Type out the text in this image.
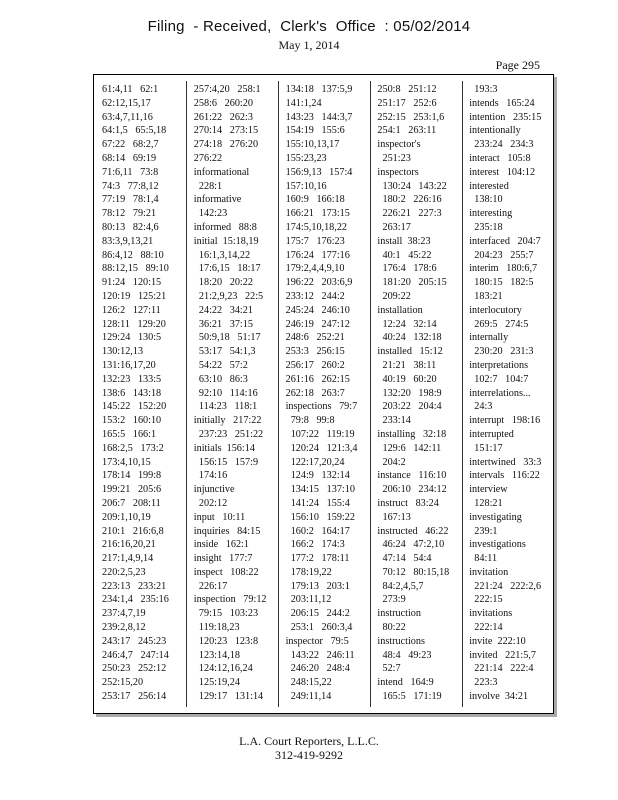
Filing  - Received,  Clerk's  Office  : 05/02/2014
May 1, 2014
Page 295
61:4,11   62:1
62:12,15,17
63:4,7,11,16
64:1,5   65:5,18
67:22   68:2,7
68:14   69:19
71:6,11   73:8
74:3   77:8,12
77:19   78:1,4
78:12   79:21
80:13   82:4,6
83:3,9,13,21
86:4,12   88:10
88:12,15   89:10
91:24   120:15
120:19   125:21
126:2   127:11
128:11   129:20
129:24   130:5
130:12,13
131:16,17,20
132:23   133:5
138:6   143:18
145:22   152:20
153:2   160:10
165:5   166:1
168:2,5   173:2
173:4,10,15
178:14   199:8
199:21   205:6
206:7   208:11
209:1,10,19
210:1   216:6,8
216:16,20,21
217:1,4,9,14
220:2,5,23
223:13   233:21
234:1,4   235:16
237:4,7,19
239:2,8,12
243:17   245:23
246:4,7   247:14
250:23   252:12
252:15,20
253:17   256:14
257:4,20   258:1
258:6   260:20
261:22   262:3
270:14   273:15
274:18   276:20
276:22
informational
228:1
informative
142:23
informed   88:8
initial  15:18,19
16:1,3,14,22
17:6,15   18:17
18:20   20:22
21:2,9,23   22:5
24:22   34:21
36:21   37:15
50:9,18   51:17
53:17   54:1,3
54:22   57:2
63:10   86:3
92:10   114:16
114:23   118:1
initially   217:22
237:23   251:22
initials  156:14
156:15   157:9
174:16
injunctive
202:12
input   10:11
inquiries   84:15
inside   162:1
insight   177:7
inspect   108:22
226:17
inspection   79:12
79:15   103:23
119:18,23
120:23   123:8
123:14,18
124:12,16,24
125:19,24
129:17   131:14
134:18   137:5,9
141:1,24
143:23   144:3,7
154:19   155:6
155:10,13,17
155:23,23
156:9,13   157:4
157:10,16
160:9   166:18
166:21   173:15
174:5,10,18,22
175:7   176:23
176:24   177:16
179:2,4,4,9,10
196:22   203:6,9
233:12   244:2
245:24   246:10
246:19   247:12
248:6   252:21
253:3   256:15
256:17   260:2
261:16   262:15
262:18   263:7
inspections   79:7
79:8   99:8
107:22   119:19
120:24   121:3,4
122:17,20,24
124:9   132:14
134:15   137:10
141:24   155:4
156:10   159:22
160:2   164:17
166:2   174:3
177:2   178:11
178:19,22
179:13   203:1
203:11,12
206:15   244:2
253:1   260:3,4
inspector   79:5
143:22   246:11
246:20   248:4
248:15,22
249:11,14
250:8   251:12
251:17   252:6
252:15   253:1,6
254:1   263:11
inspector's
251:23
inspectors
130:24   143:22
180:2   226:16
226:21   227:3
263:17
install  38:23
40:1   45:22
176:4   178:6
181:20   205:15
209:22
installation
12:24   32:14
40:24   132:18
installed   15:12
21:21   38:11
40:19   60:20
132:20   198:9
203:22   204:4
233:14
installing   32:18
129:6   142:11
204:2
instance   116:10
206:10   234:12
instruct   83:24
167:13
instructed   46:22
46:24   47:2,10
47:14   54:4
70:12   80:15,18
84:2,4,5,7
273:9
instruction
80:22
instructions
48:4   49:23
52:7
intend   164:9
165:5   171:19
193:3
intends   165:24
intention   235:15
intentionally
233:24   234:3
interact   105:8
interest   104:12
interested
138:10
interesting
235:18
interfaced   204:7
204:23   255:7
interim   180:6,7
180:15   182:5
183:21
interlocutory
269:5   274:5
internally
230:20   231:3
interpretations
102:7   104:7
interrelations...
24:3
interrupt   198:16
interrupted
151:17
intertwined   33:3
intervals   116:22
interview
128:21
investigating
239:1
investigations
84:11
invitation
221:24   222:2,6
222:15
invitations
222:14
invite  222:10
invited   221:5,7
221:14   222:4
223:3
involve  34:21
L.A. Court Reporters, L.L.C.
312-419-9292
